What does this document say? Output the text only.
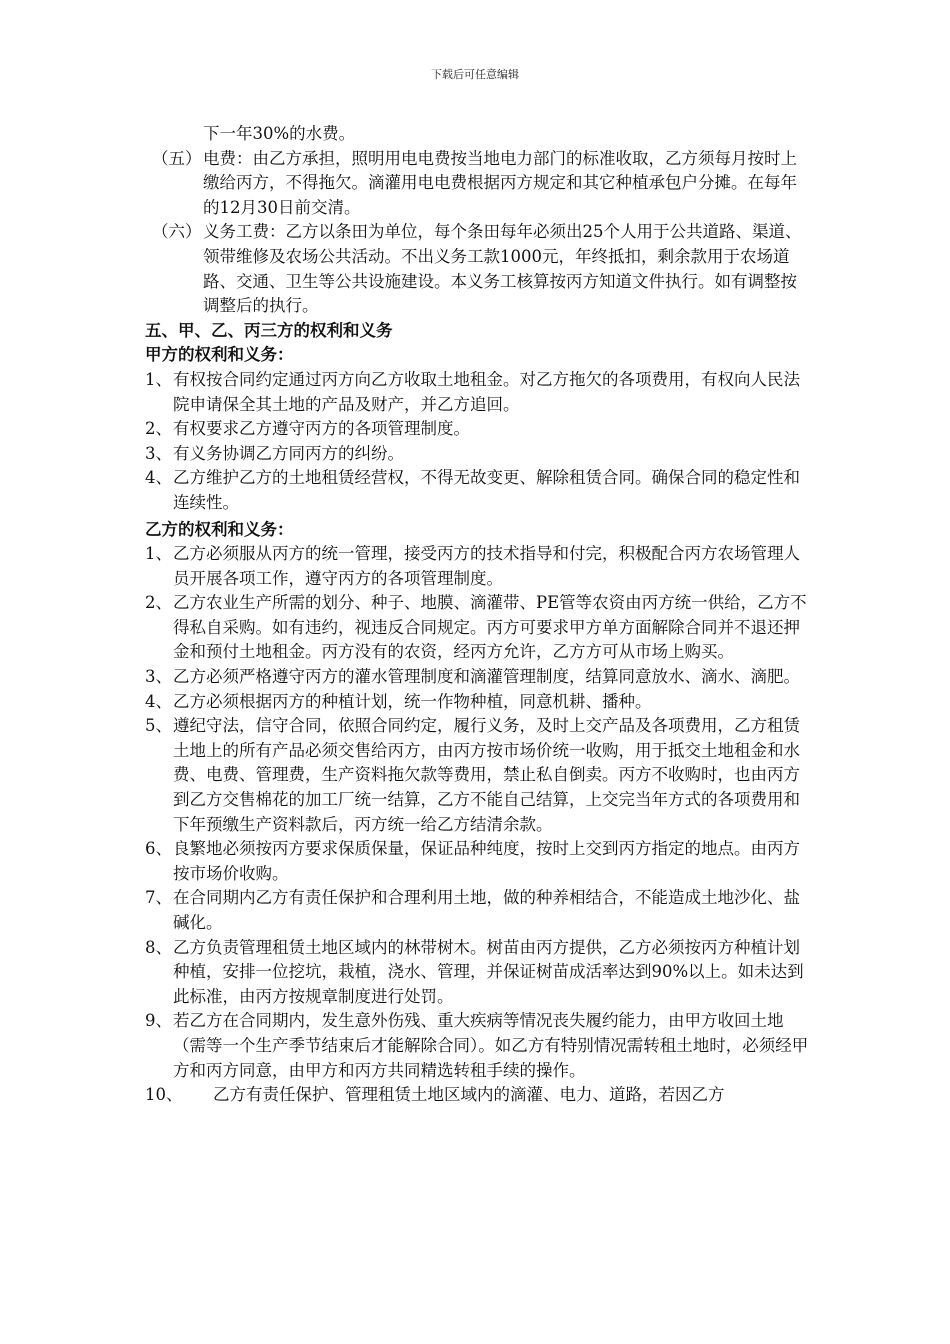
下载后可任意编辑

下一年30%的水费。

（五） 电费：由乙方承担，照明用电电费按当地电力部门的标准收取，乙方须每月按时上缴给丙方，不得拖欠。滴灌用电电费根据丙方规定和其它种植承包户分摊。在每年的12月30日前交清。
（六） 义务工费：乙方以条田为单位，每个条田每年必须出25个人用于公共道路、渠道、领带维修及农场公共活动。不出义务工款1000元，年终抵扣，剩余款用于农场道路、交通、卫生等公共设施建设。本义务工核算按丙方知道文件执行。如有调整按调整后的执行。

五、甲、乙、丙三方的权利和义务

甲方的权利和义务：

1、 有权按合同约定通过丙方向乙方收取土地租金。对乙方拖欠的各项费用，有权向人民法院申请保全其土地的产品及财产，并乙方追回。
2、 有权要求乙方遵守丙方的各项管理制度。
3、 有义务协调乙方同丙方的纠纷。
4、 乙方维护乙方的土地租赁经营权，不得无故变更、解除租赁合同。确保合同的稳定性和连续性。

乙方的权利和义务：

1、 乙方必须服从丙方的统一管理，接受丙方的技术指导和付完，积极配合丙方农场管理人员开展各项工作，遵守丙方的各项管理制度。
2、 乙方农业生产所需的划分、种子、地膜、滴灌带、PE管等农资由丙方统一供给，乙方不得私自采购。如有违约，视违反合同规定。丙方可要求甲方单方面解除合同并不退还押金和预付土地租金。丙方没有的农资，经丙方允许，乙方方可从市场上购买。
3、 乙方必须严格遵守丙方的灌水管理制度和滴灌管理制度，结算同意放水、滴水、滴肥。
4、 乙方必须根据丙方的种植计划，统一作物种植，同意机耕、播种。
5、 遵纪守法，信守合同，依照合同约定，履行义务，及时上交产品及各项费用，乙方租赁土地上的所有产品必须交售给丙方，由丙方按市场价统一收购，用于抵交土地租金和水费、电费、管理费，生产资料拖欠款等费用，禁止私自倒卖。丙方不收购时，也由丙方到乙方交售棉花的加工厂统一结算，乙方不能自己结算，上交完当年方式的各项费用和下年预缴生产资料款后，丙方统一给乙方结清余款。
6、 良繁地必须按丙方要求保质保量，保证品种纯度，按时上交到丙方指定的地点。由丙方按市场价收购。
7、 在合同期内乙方有责任保护和合理利用土地，做的种养相结合，不能造成土地沙化、盐碱化。
8、 乙方负责管理租赁土地区域内的林带树木。树苗由丙方提供，乙方必须按丙方种植计划种植，安排一位挖坑，栽植，浇水、管理，并保证树苗成活率达到90%以上。如未达到此标准，由丙方按规章制度进行处罚。
9、 若乙方在合同期内，发生意外伤残、重大疾病等情况丧失履约能力，由甲方收回土地（需等一个生产季节结束后才能解除合同）。如乙方有特别情况需转租土地时，必须经甲方和丙方同意，由甲方和丙方共同精选转租手续的操作。
10、	乙方有责任保护、管理租赁土地区域内的滴灌、电力、道路，若因乙方
